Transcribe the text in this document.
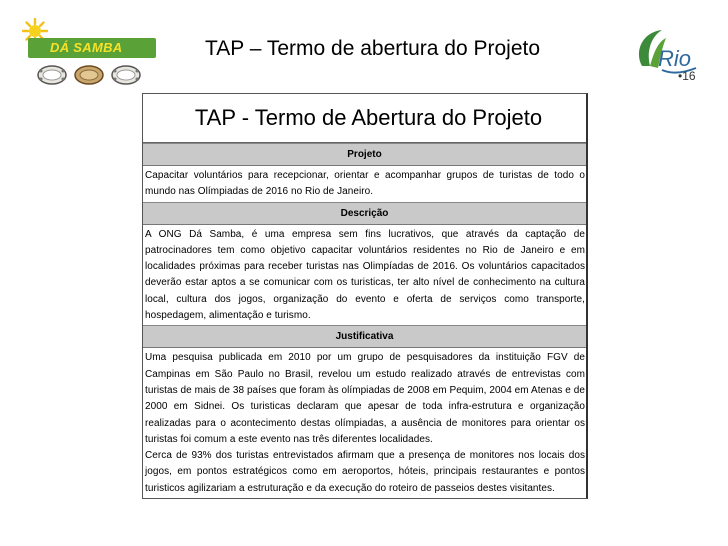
DÁ SAMBA	TAP – Termo de abertura do Projeto	Rio
•16
TAP - Termo de Abertura do Projeto
Projeto

Capacitar voluntários para recepcionar, orientar e acompanhar grupos de turistas de todo o mundo nas Olímpiadas de 2016 no Rio de Janeiro.

Descrição

A ONG Dá Samba, é uma empresa sem fins lucrativos, que através da captação de patrocinadores tem como objetivo capacitar voluntários residentes no Rio de Janeiro e em localidades próximas para receber turistas nas Olimpíadas de 2016. Os voluntários capacitados deverão estar aptos a se comunicar com os turisticas, ter alto nível de conhecimento na cultura local, cultura dos jogos, organização do evento e oferta de serviços como transporte, hospedagem, alimentação e turismo.

Justificativa

Uma pesquisa publicada em 2010 por um grupo de pesquisadores da instituição FGV de Campinas em São Paulo no Brasil, revelou um estudo realizado através de entrevistas com turistas de mais de 38 países que foram às olímpiadas de 2008 em Pequim, 2004 em Atenas e de 2000 em Sidnei. Os turisticas declaram que apesar de toda infra-estrutura e organização realizadas para o acontecimento destas olímpiadas, a ausência de monitores para orientar os turistas foi comum a este evento nas três diferentes localidades.

Cerca de 93% dos turistas entrevistados afirmam que a presença de monitores nos locais dos jogos, em pontos estratégicos como em aeroportos, hóteis, principais restaurantes e pontos turisticos agilizariam a estruturação e da execução do roteiro de passeios destes visitantes.
